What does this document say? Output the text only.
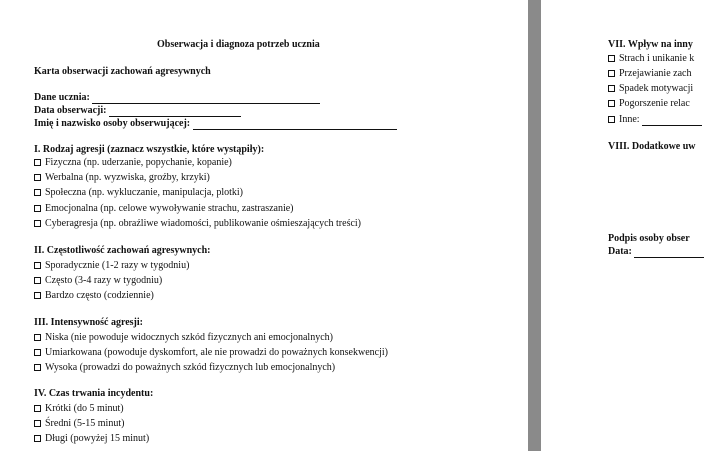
Obserwacja i diagnoza potrzeb ucznia
Karta obserwacji zachowań agresywnych
Dane ucznia:
Data obserwacji:
Imię i nazwisko osoby obserwującej:
I. Rodzaj agresji (zaznacz wszystkie, które wystąpiły):
Fizyczna (np. uderzanie, popychanie, kopanie)
Werbalna (np. wyzwiska, groźby, krzyki)
Społeczna (np. wykluczanie, manipulacja, plotki)
Emocjonalna (np. celowe wywoływanie strachu, zastraszanie)
Cyberagresja (np. obraźliwe wiadomości, publikowanie ośmieszających treści)
II. Częstotliwość zachowań agresywnych:
Sporadycznie (1-2 razy w tygodniu)
Często (3-4 razy w tygodniu)
Bardzo często (codziennie)
III. Intensywność agresji:
Niska (nie powoduje widocznych szkód fizycznych ani emocjonalnych)
Umiarkowana (powoduje dyskomfort, ale nie prowadzi do poważnych konsekwencji)
Wysoka (prowadzi do poważnych szkód fizycznych lub emocjonalnych)
IV. Czas trwania incydentu:
Krótki (do 5 minut)
Średni (5-15 minut)
Długi (powyżej 15 minut)
VII. Wpływ na inny
Strach i unikanie k
Przejawianie zach
Spadek motywacji
Pogorszenie relac
Inne:
VIII. Dodatkowe uw
Podpis osoby obser
Data:
